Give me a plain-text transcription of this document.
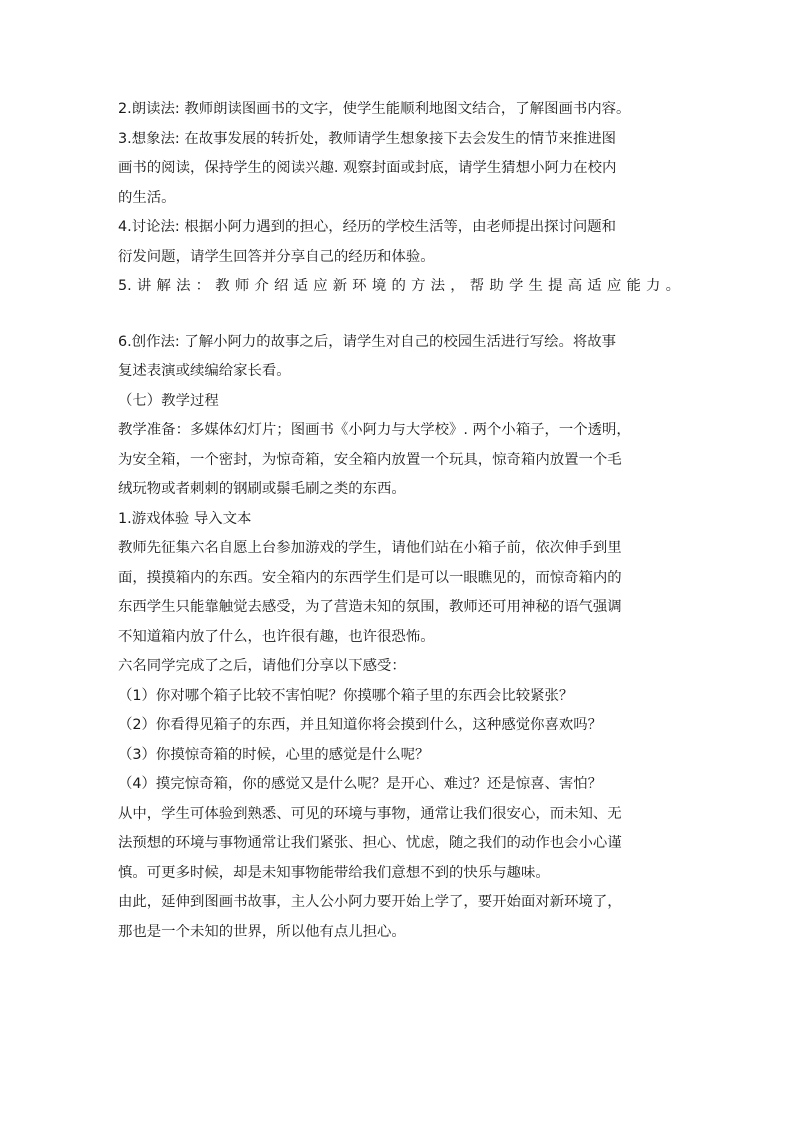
2.朗读法: 教师朗读图画书的文字，使学生能顺利地图文结合，了解图画书内容。
3.想象法: 在故事发展的转折处，教师请学生想象接下去会发生的情节来推进图
画书的阅读，保持学生的阅读兴趣. 观察封面或封底，请学生猜想小阿力在校内
的生活。
4.讨论法: 根据小阿力遇到的担心，经历的学校生活等，由老师提出探讨问题和
衍发问题，请学生回答并分享自己的经历和体验。
5.讲解法：教师介绍适应新环境的方法，帮助学生提高适应能力。
6.创作法: 了解小阿力的故事之后，请学生对自己的校园生活进行写绘。将故事
复述表演或续编给家长看。
（七）教学过程
教学准备：多媒体幻灯片；图画书《小阿力与大学校》. 两个小箱子，一个透明，
为安全箱，一个密封，为惊奇箱，安全箱内放置一个玩具，惊奇箱内放置一个毛
绒玩物或者刺刺的钢刷或鬃毛刷之类的东西。
1.游戏体验 导入文本
教师先征集六名自愿上台参加游戏的学生，请他们站在小箱子前，依次伸手到里
面，摸摸箱内的东西。安全箱内的东西学生们是可以一眼瞧见的，而惊奇箱内的
东西学生只能靠触觉去感受，为了营造未知的氛围，教师还可用神秘的语气强调
不知道箱内放了什么，也许很有趣，也许很恐怖。
六名同学完成了之后，请他们分享以下感受：
（1）你对哪个箱子比较不害怕呢？你摸哪个箱子里的东西会比较紧张？
（2）你看得见箱子的东西，并且知道你将会摸到什么，这种感觉你喜欢吗？
（3）你摸惊奇箱的时候，心里的感觉是什么呢？
（4）摸完惊奇箱，你的感觉又是什么呢？是开心、难过？还是惊喜、害怕？
从中，学生可体验到熟悉、可见的环境与事物，通常让我们很安心，而未知、无
法预想的环境与事物通常让我们紧张、担心、忧虑，随之我们的动作也会小心谨
慎。可更多时候，却是未知事物能带给我们意想不到的快乐与趣味。
由此，延伸到图画书故事，主人公小阿力要开始上学了，要开始面对新环境了，
那也是一个未知的世界，所以他有点儿担心。
